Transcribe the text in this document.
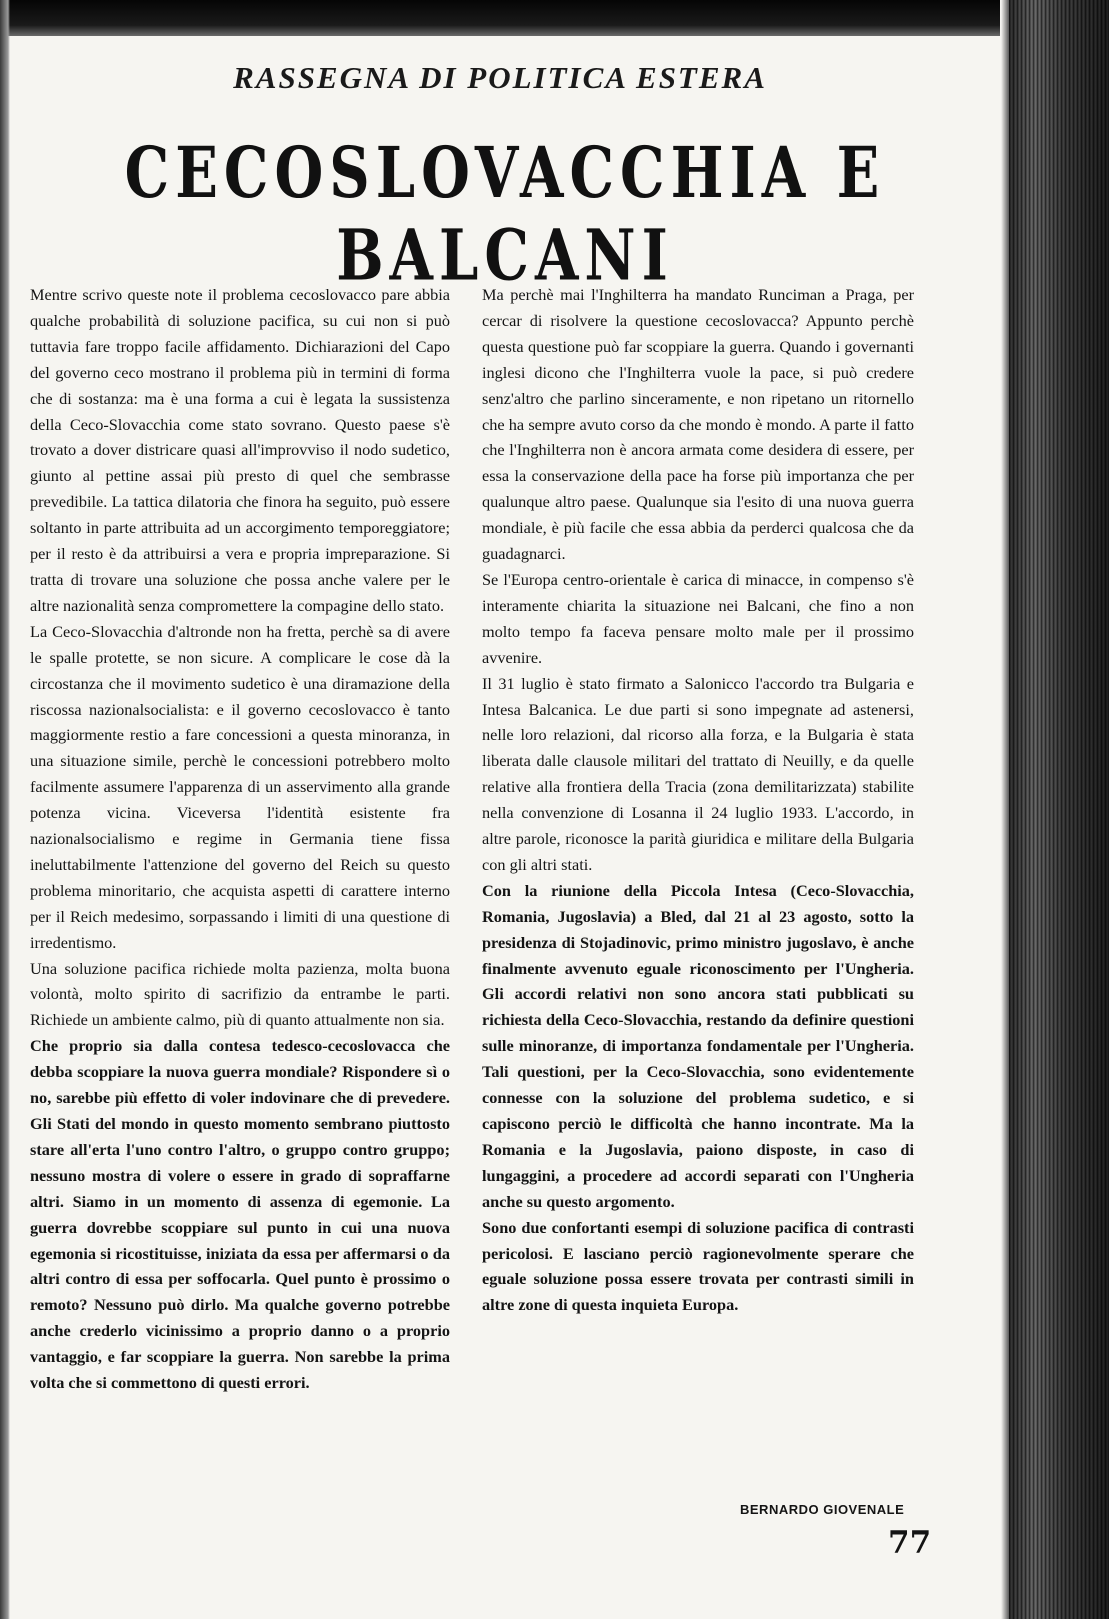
RASSEGNA DI POLITICA ESTERA
CECOSLOVACCHIA E BALCANI

Mentre scrivo queste note il problema cecoslovacco pare abbia qualche probabilità di soluzione pacifica, su cui non si può tuttavia fare troppo facile affidamento. Dichiarazioni del Capo del governo ceco mostrano il problema più in termini di forma che di sostanza: ma è una forma a cui è legata la sussistenza della Ceco-Slovacchia come stato sovrano. Questo paese s'è trovato a dover districare quasi all'improvviso il nodo sudetico, giunto al pettine assai più presto di quel che sembrasse prevedibile. La tattica dilatoria che finora ha seguito, può essere soltanto in parte attribuita ad un accorgimento temporeggiatore; per il resto è da attribuirsi a vera e propria impreparazione. Si tratta di trovare una soluzione che possa anche valere per le altre nazionalità senza compromettere la compagine dello stato.

La Ceco-Slovacchia d'altronde non ha fretta, perchè sa di avere le spalle protette, se non sicure. A complicare le cose dà la circostanza che il movimento sudetico è una diramazione della riscossa nazionalsocialista: e il governo cecoslovacco è tanto maggiormente restio a fare concessioni a questa minoranza, in una situazione simile, perchè le concessioni potrebbero molto facilmente assumere l'apparenza di un asservimento alla grande potenza vicina. Viceversa l'identità esistente fra nazionalsocialismo e regime in Germania tiene fissa ineluttabilmente l'attenzione del governo del Reich su questo problema minoritario, che acquista aspetti di carattere interno per il Reich medesimo, sorpassando i limiti di una questione di irredentismo.

Una soluzione pacifica richiede molta pazienza, molta buona volontà, molto spirito di sacrifizio da entrambe le parti. Richiede un ambiente calmo, più di quanto attualmente non sia.

Che proprio sia dalla contesa tedesco-cecoslovacca che debba scoppiare la nuova guerra mondiale? Rispondere sì o no, sarebbe più effetto di voler indovinare che di prevedere. Gli Stati del mondo in questo momento sembrano piuttosto stare all'erta l'uno contro l'altro, o gruppo contro gruppo; nessuno mostra di volere o essere in grado di sopraffarne altri. Siamo in un momento di assenza di egemonie. La guerra dovrebbe scoppiare sul punto in cui una nuova egemonia si ricostituisse, iniziata da essa per affermarsi o da altri contro di essa per soffocarla. Quel punto è prossimo o remoto? Nessuno può dirlo. Ma qualche governo potrebbe anche crederlo vicinissimo a proprio danno o a proprio vantaggio, e far scoppiare la guerra. Non sarebbe la prima volta che si commettono di questi errori.

Ma perchè mai l'Inghilterra ha mandato Runciman a Praga, per cercar di risolvere la questione cecoslovacca? Appunto perchè questa questione può far scoppiare la guerra. Quando i governanti inglesi dicono che l'Inghilterra vuole la pace, si può credere senz'altro che parlino sinceramente, e non ripetano un ritornello che ha sempre avuto corso da che mondo è mondo. A parte il fatto che l'Inghilterra non è ancora armata come desidera di essere, per essa la conservazione della pace ha forse più importanza che per qualunque altro paese. Qualunque sia l'esito di una nuova guerra mondiale, è più facile che essa abbia da perderci qualcosa che da guadagnarci.

Se l'Europa centro-orientale è carica di minacce, in compenso s'è interamente chiarita la situazione nei Balcani, che fino a non molto tempo fa faceva pensare molto male per il prossimo avvenire.

Il 31 luglio è stato firmato a Salonicco l'accordo tra Bulgaria e Intesa Balcanica. Le due parti si sono impegnate ad astenersi, nelle loro relazioni, dal ricorso alla forza, e la Bulgaria è stata liberata dalle clausole militari del trattato di Neuilly, e da quelle relative alla frontiera della Tracia (zona demilitarizzata) stabilite nella convenzione di Losanna il 24 luglio 1933. L'accordo, in altre parole, riconosce la parità giuridica e militare della Bulgaria con gli altri stati.

Con la riunione della Piccola Intesa (Ceco-Slovacchia, Romania, Jugoslavia) a Bled, dal 21 al 23 agosto, sotto la presidenza di Stojadinovic, primo ministro jugoslavo, è anche finalmente avvenuto eguale riconoscimento per l'Ungheria. Gli accordi relativi non sono ancora stati pubblicati su richiesta della Ceco-Slovacchia, restando da definire questioni sulle minoranze, di importanza fondamentale per l'Ungheria. Tali questioni, per la Ceco-Slovacchia, sono evidentemente connesse con la soluzione del problema sudetico, e si capiscono perciò le difficoltà che hanno incontrate. Ma la Romania e la Jugoslavia, paiono disposte, in caso di lungaggini, a procedere ad accordi separati con l'Ungheria anche su questo argomento.

Sono due confortanti esempi di soluzione pacifica di contrasti pericolosi. E lasciano perciò ragionevolmente sperare che eguale soluzione possa essere trovata per contrasti simili in altre zone di questa inquieta Europa.

BERNARDO GIOVENALE
77
